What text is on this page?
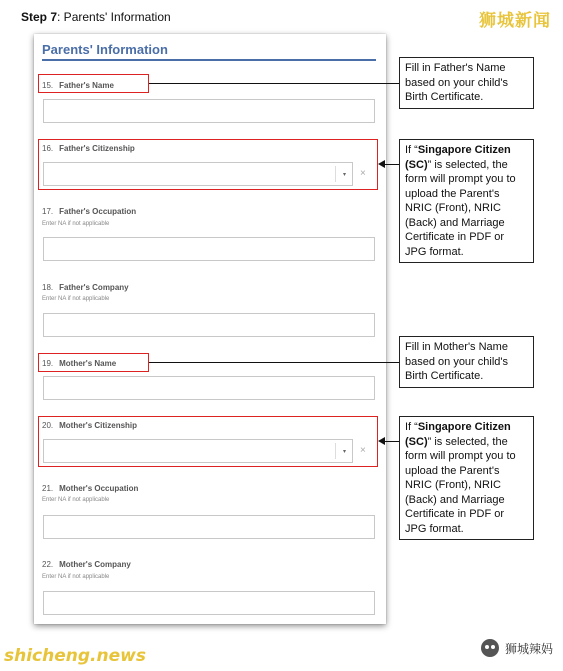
Step 7: Parents' Information	狮城新闻
Parents' Information
15. Father's Name
16. Father's Citizenship
▾ ×
17. Father's Occupation
Enter NA if not applicable
18. Father's Company
Enter NA if not applicable
19. Mother's Name
20. Mother's Citizenship
▾ ×
21. Mother's Occupation
Enter NA if not applicable
22. Mother's Company
Enter NA if not applicable
Fill in Father's Name based on your child's Birth Certificate.
If “Singapore Citizen (SC)” is selected, the form will prompt you to upload the Parent's NRIC (Front), NRIC (Back) and Marriage Certificate in PDF or JPG format.
Fill in Mother's Name based on your child's Birth Certificate.
If “Singapore Citizen (SC)” is selected, the form will prompt you to upload the Parent's NRIC (Front), NRIC (Back) and Marriage Certificate in PDF or JPG format.
shicheng.news	狮城辣妈
